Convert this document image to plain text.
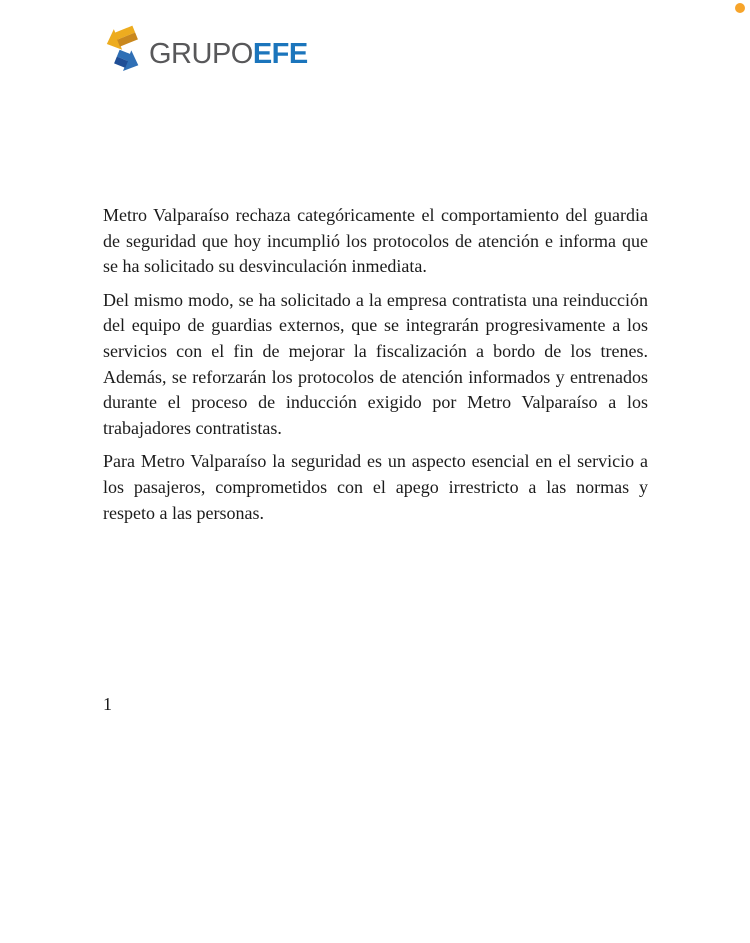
GRUPOEFE

Metro Valparaíso rechaza categóricamente el comportamiento del guardia de seguridad que hoy incumplió los protocolos de atención e informa que se ha solicitado su desvinculación inmediata.

Del mismo modo, se ha solicitado a la empresa contratista una reinducción del equipo de guardias externos, que se integrarán progresivamente a los servicios con el fin de mejorar la fiscalización a bordo de los trenes. Además, se reforzarán los protocolos de atención informados y entrenados durante el proceso de inducción exigido por Metro Valparaíso a los trabajadores contratistas.

Para Metro Valparaíso la seguridad es un aspecto esencial en el servicio a los pasajeros, comprometidos con el apego irrestricto a las normas y respeto a las personas.

1
